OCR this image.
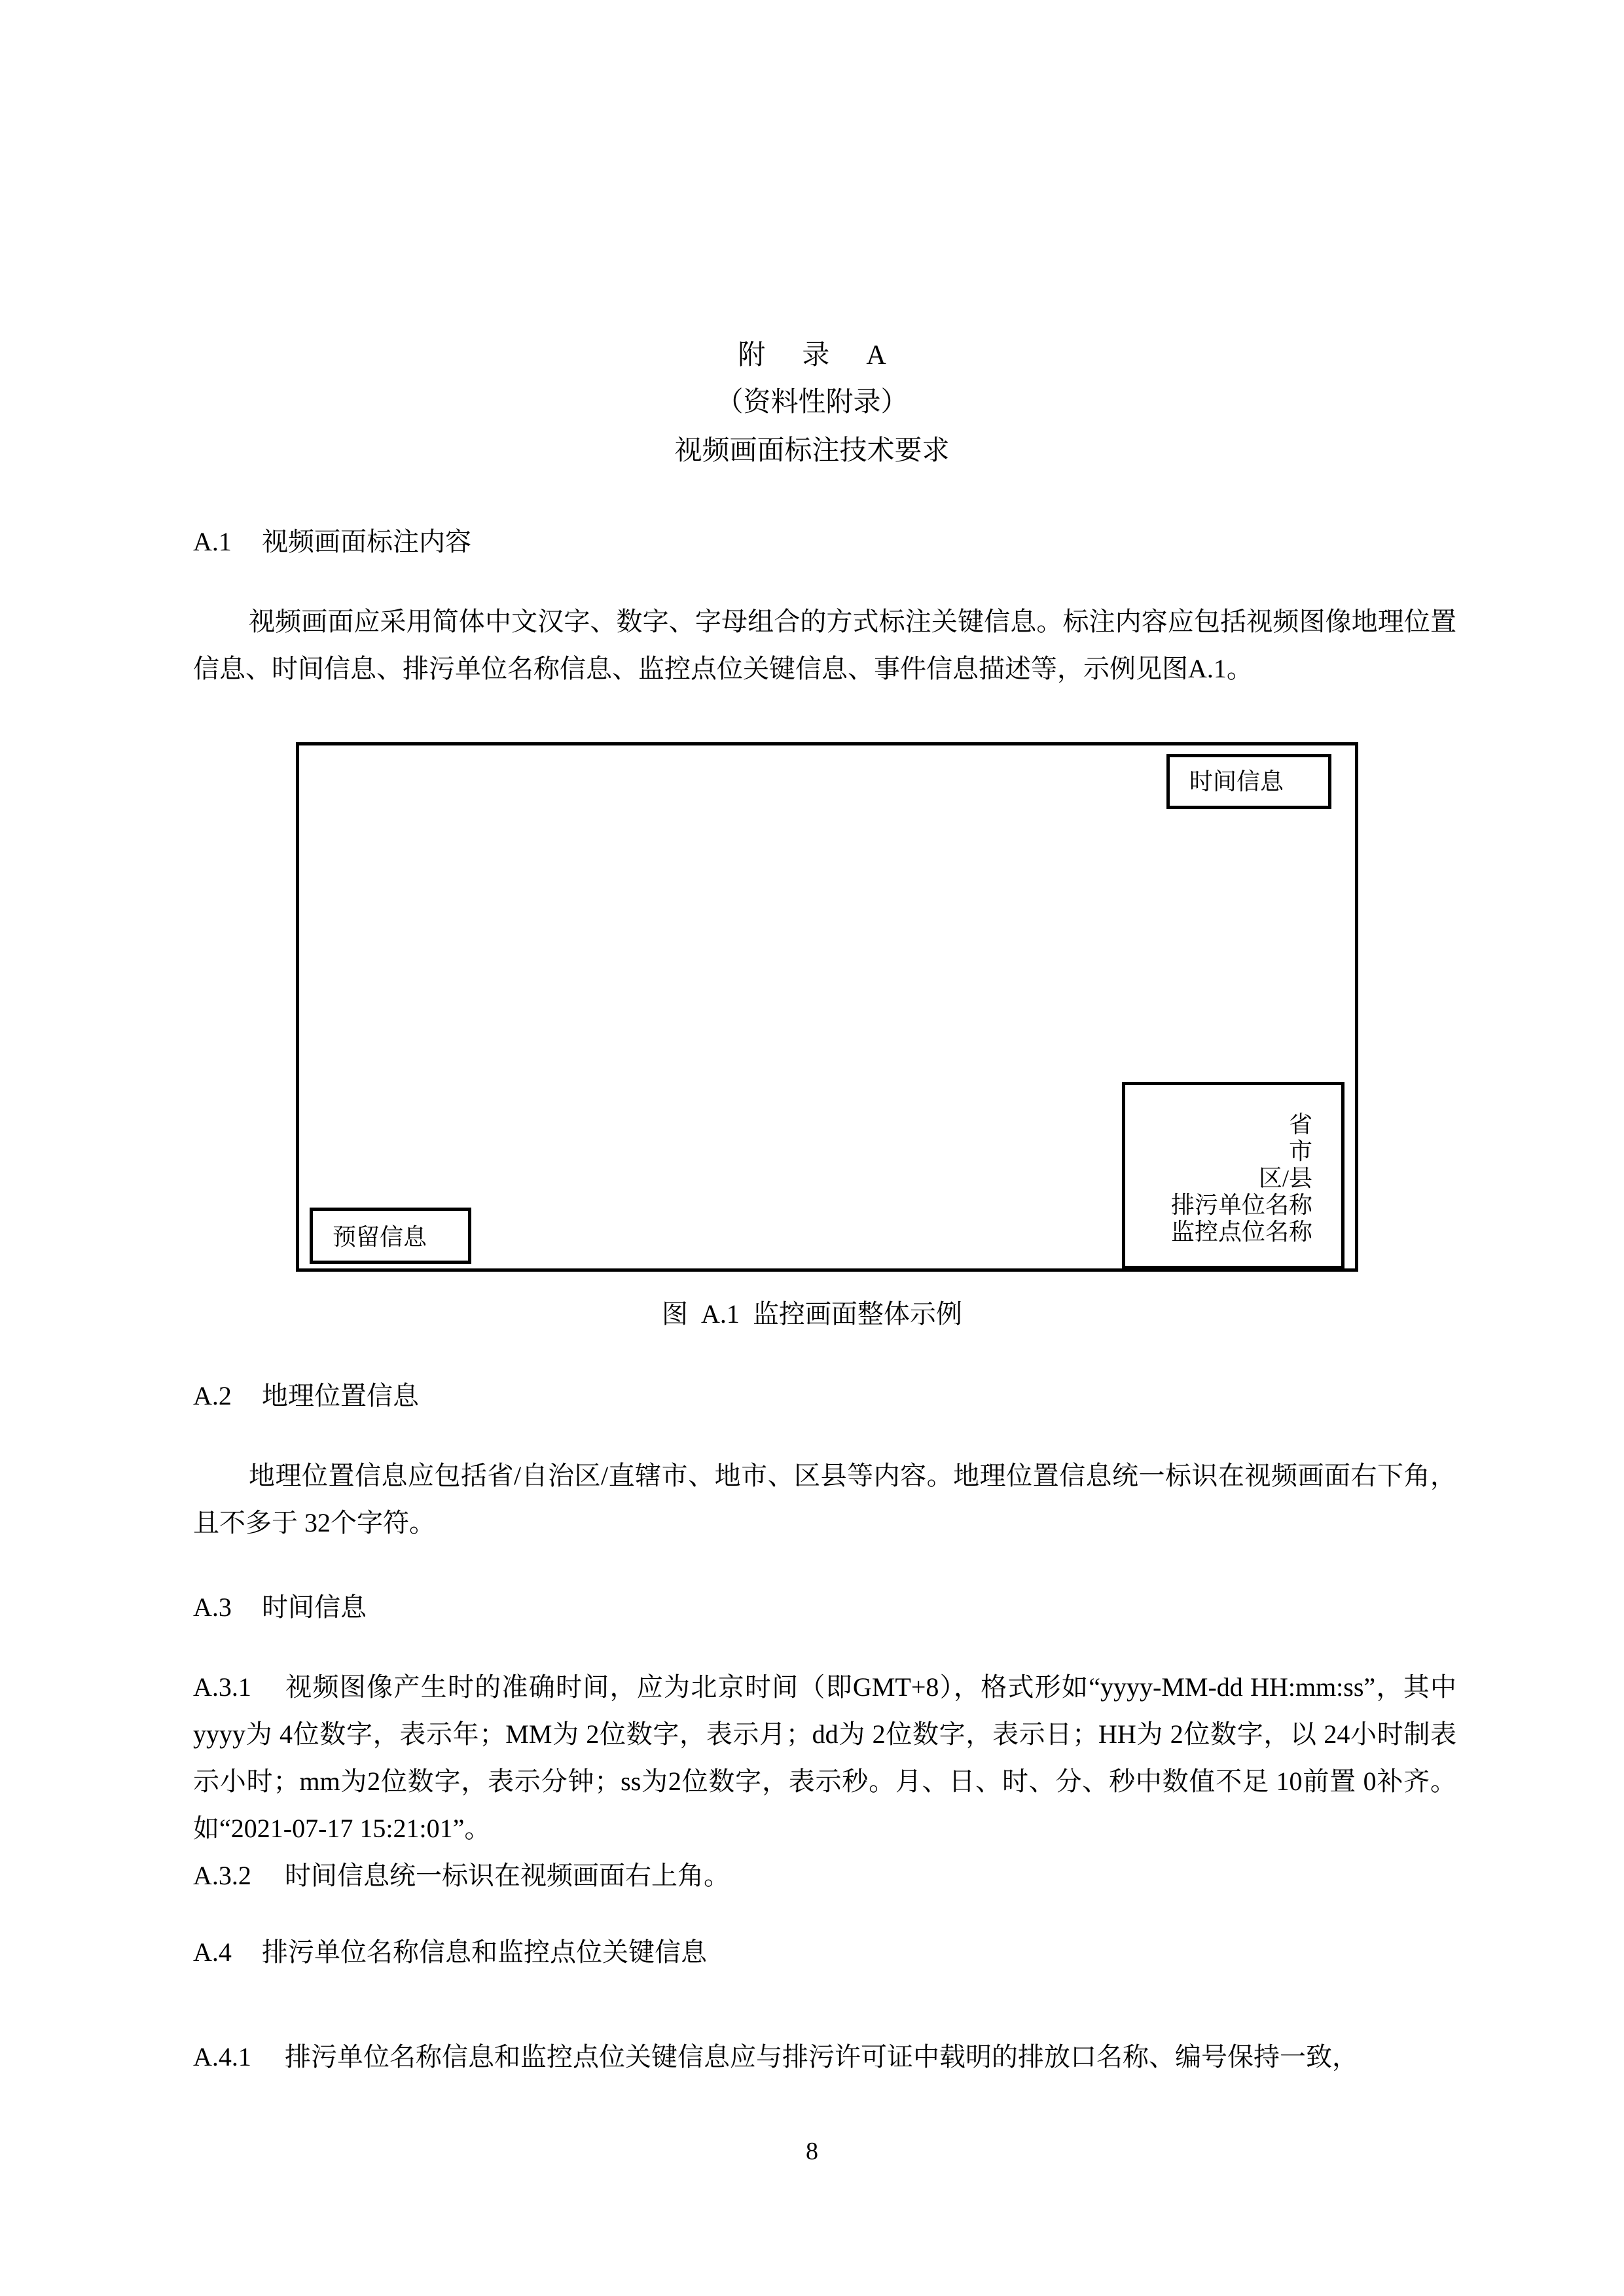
附 录 A
（资料性附录）
视频画面标注技术要求
A.1 视频画面标注内容
视频画面应采用简体中文汉字、数字、字母组合的方式标注关键信息。标注内容应包括视频图像地理位置信息、时间信息、排污单位名称信息、监控点位关键信息、事件信息描述等，示例见图A.1。
时间信息
省
市
区/县
排污单位名称
监控点位名称
预留信息
图 A.1 监控画面整体示例
A.2 地理位置信息
地理位置信息应包括省/自治区/直辖市、地市、区县等内容。地理位置信息统一标识在视频画面右下角，且不多于 32个字符。
A.3 时间信息
A.3.1 视频图像产生时的准确时间，应为北京时间（即GMT+8），格式形如“yyyy-MM-dd HH:mm:ss”，其中 yyyy为 4位数字，表示年；MM为 2位数字，表示月；dd为 2位数字，表示日；HH为 2位数字，以 24小时制表示小时；mm为2位数字，表示分钟；ss为2位数字，表示秒。月、日、时、分、秒中数值不足 10前置 0补齐。如“2021-07-17 15:21:01”。
A.3.2 时间信息统一标识在视频画面右上角。
A.4 排污单位名称信息和监控点位关键信息
A.4.1 排污单位名称信息和监控点位关键信息应与排污许可证中载明的排放口名称、编号保持一致，
8
